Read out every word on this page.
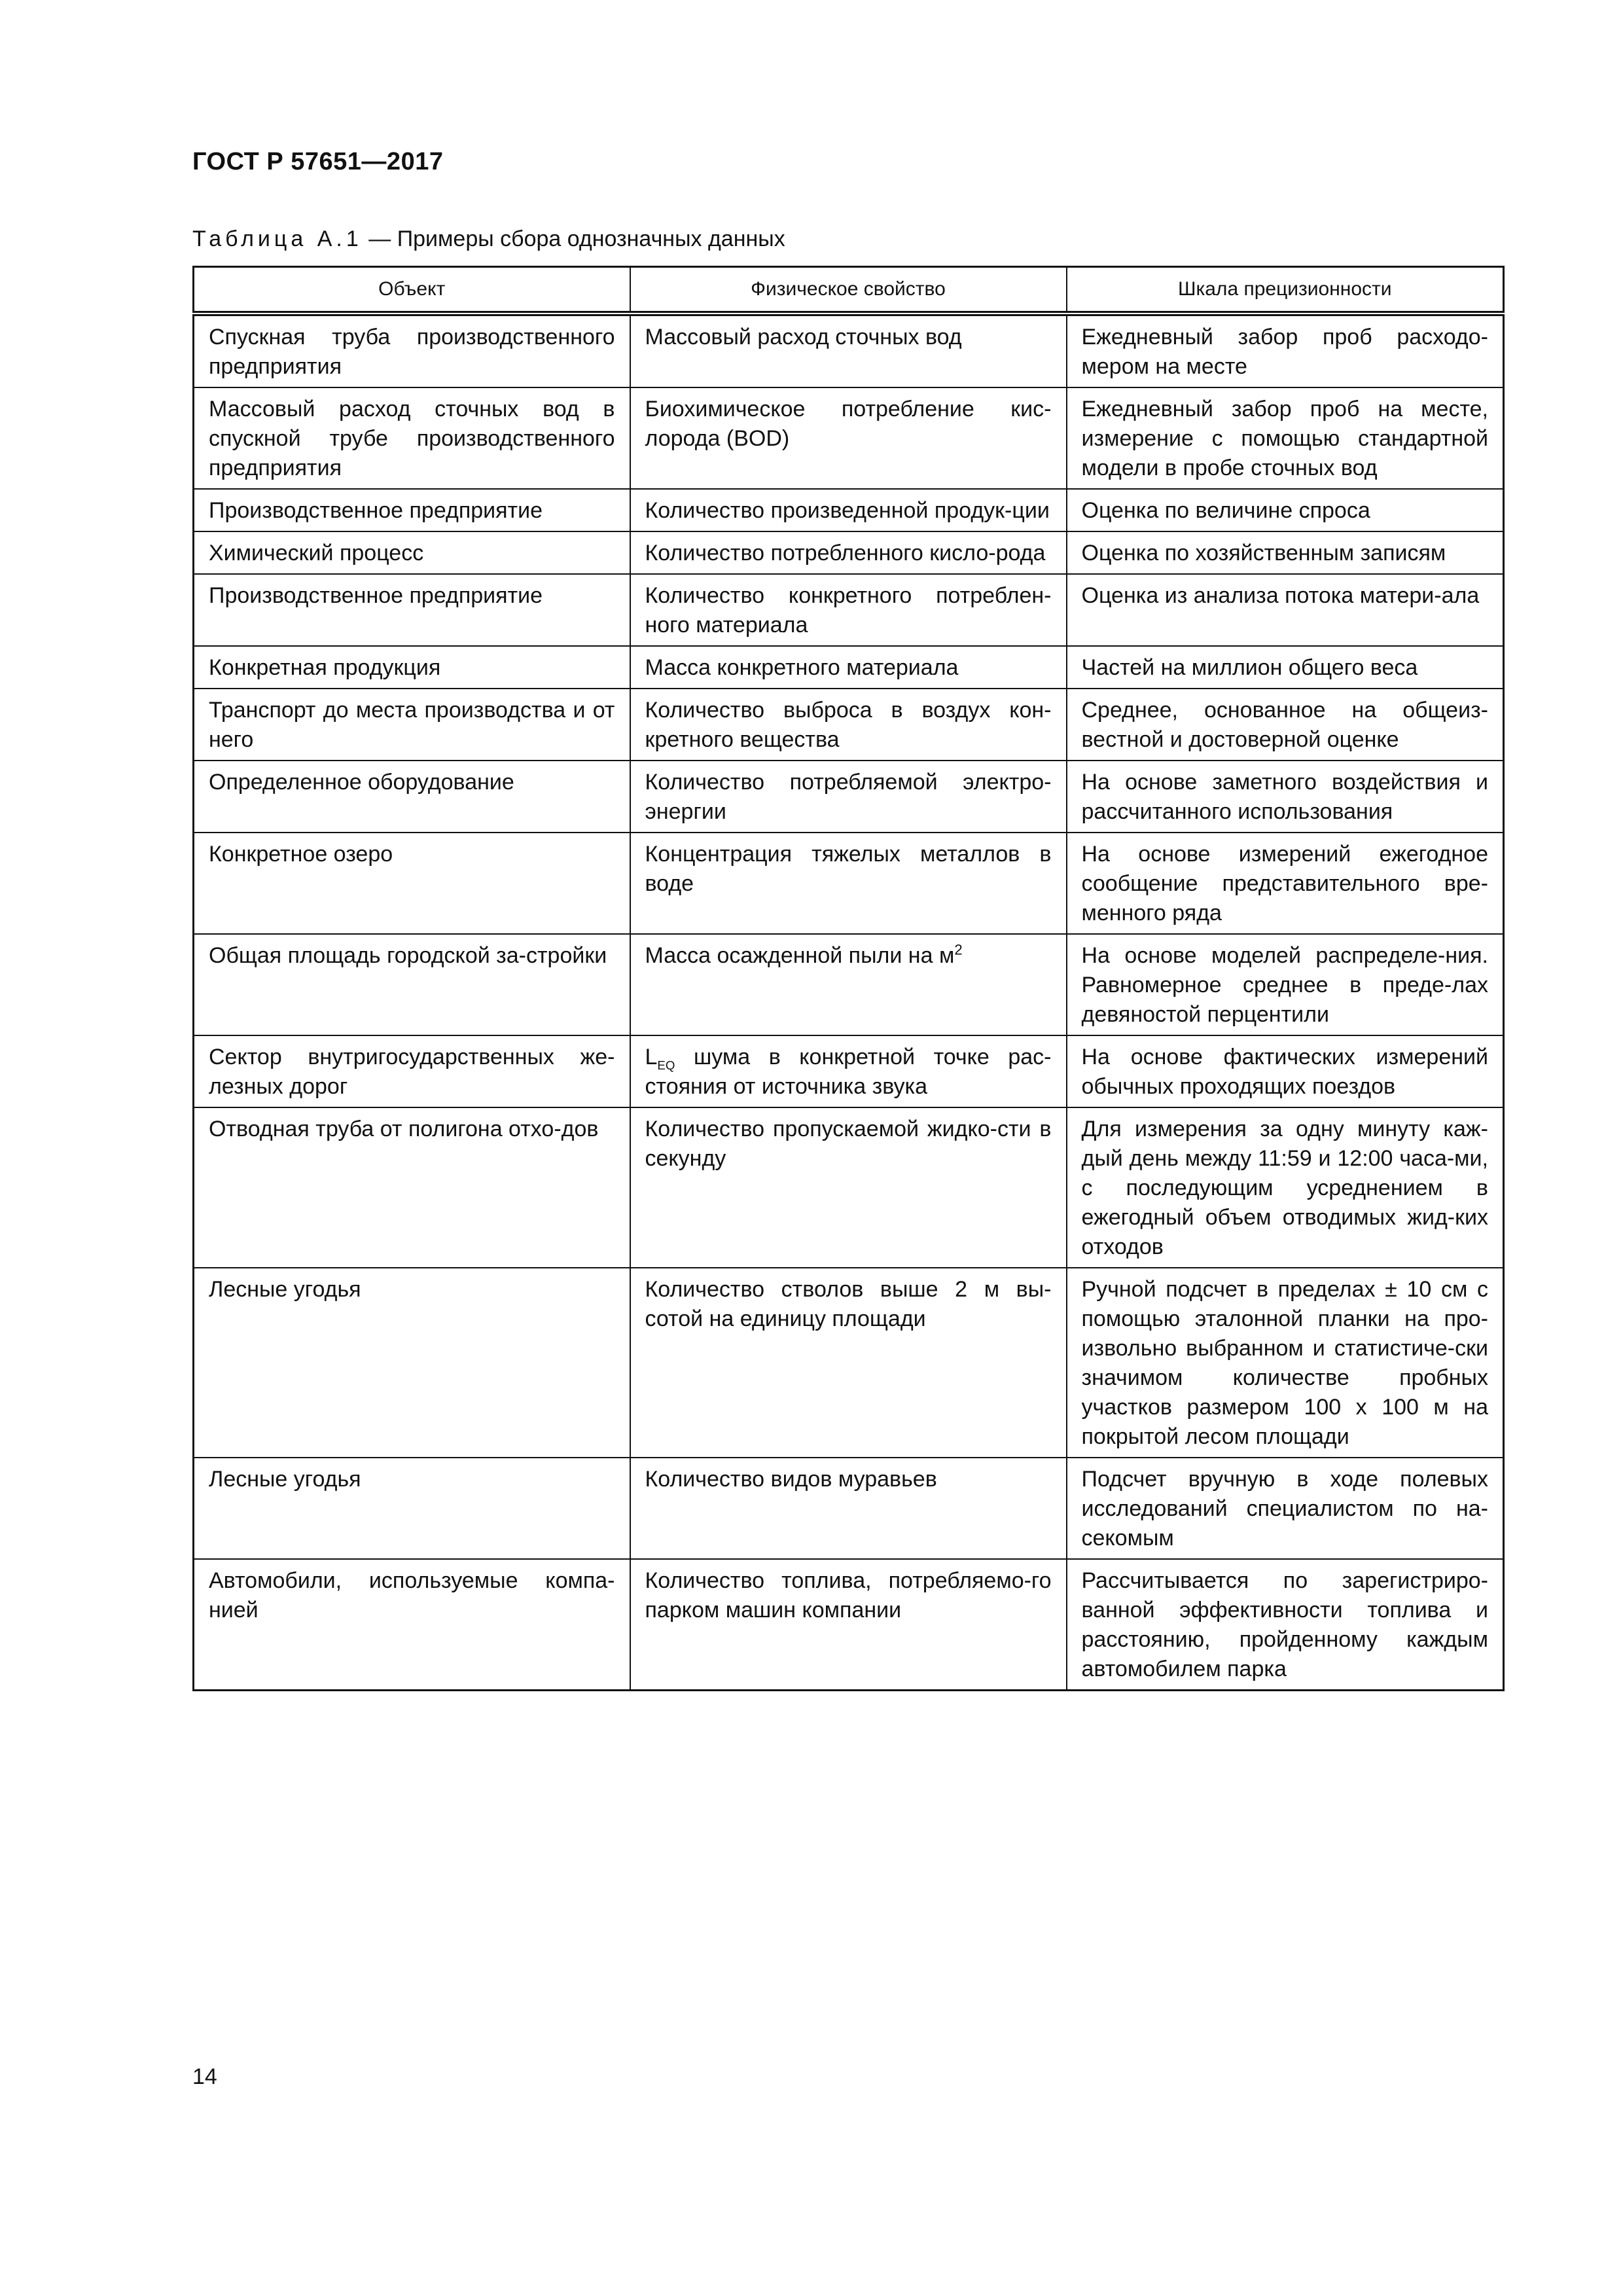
ГОСТ Р 57651—2017
Таблица А.1 — Примеры сбора однозначных данных
Объект	Физическое свойство	Шкала прецизионности
Спускная труба производственного предприятия	Массовый расход сточных вод	Ежедневный забор проб расходо-мером на месте
Массовый расход сточных вод в спускной трубе производственного предприятия	Биохимическое потребление кис-лорода (BOD)	Ежедневный забор проб на месте, измерение с помощью стандартной модели в пробе сточных вод
Производственное предприятие	Количество произведенной продук-ции	Оценка по величине спроса
Химический процесс	Количество потребленного кисло-рода	Оценка по хозяйственным записям
Производственное предприятие	Количество конкретного потреблен-ного материала	Оценка из анализа потока матери-ала
Конкретная продукция	Масса конкретного материала	Частей на миллион общего веса
Транспорт до места производства и от него	Количество выброса в воздух кон-кретного вещества	Среднее, основанное на общеиз-вестной и достоверной оценке
Определенное оборудование	Количество потребляемой электро-энергии	На основе заметного воздействия и рассчитанного использования
Конкретное озеро	Концентрация тяжелых металлов в воде	На основе измерений ежегодное сообщение представительного вре-менного ряда
Общая площадь городской за-стройки	Масса осажденной пыли на $м^2$	На основе моделей распределе-ния. Равномерное среднее в преде-лах девяностой перцентили
Сектор внутригосударственных же-лезных дорог	$L_{EQ}$ шума в конкретной точке рас-стояния от источника звука	На основе фактических измерений обычных проходящих поездов
Отводная труба от полигона отхо-дов	Количество пропускаемой жидко-сти в секунду	Для измерения за одну минуту каж-дый день между 11:59 и 12:00 часа-ми, с последующим усреднением в ежегодный объем отводимых жид-ких отходов
Лесные угодья	Количество стволов выше 2 м вы-сотой на единицу площади	Ручной подсчет в пределах ± 10 см с помощью эталонной планки на про-извольно выбранном и статистиче-ски значимом количестве пробных участков размером 100 х 100 м на покрытой лесом площади
Лесные угодья	Количество видов муравьев	Подсчет вручную в ходе полевых исследований специалистом по на-секомым
Автомобили, используемые компа-нией	Количество топлива, потребляемо-го парком машин компании	Рассчитывается по зарегистриро-ванной эффективности топлива и расстоянию, пройденному каждым автомобилем парка
14
